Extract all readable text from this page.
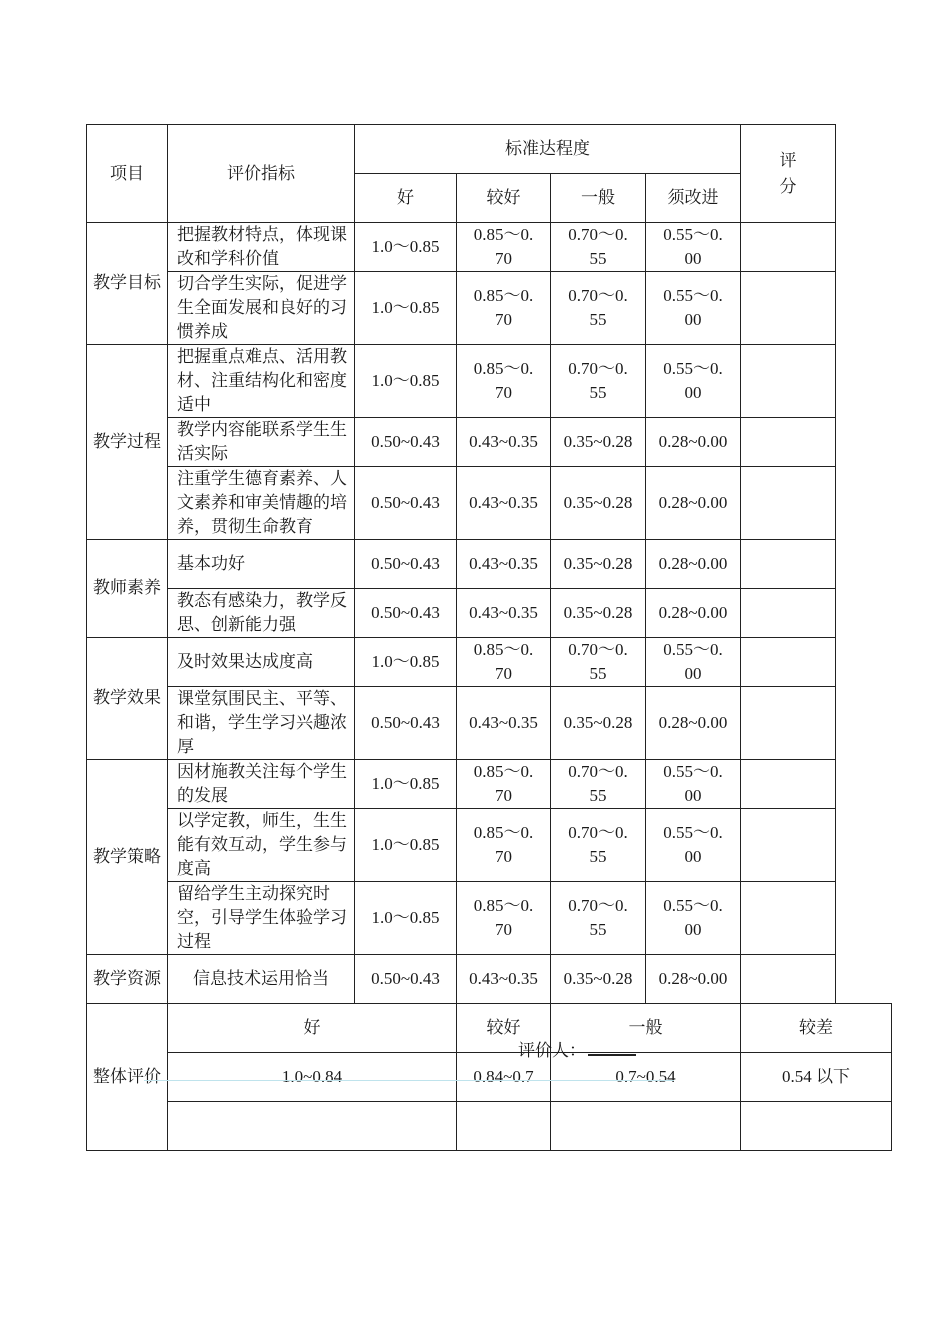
项目	评价指标	标准达程度				评分

		好	较好	一般	须改进	

教学目标	把握教材特点，体现课改和学科价值	1.0～0.85	0.85～0.70	0.70～0.55	0.55～0.00	

	切合学生实际，促进学生全面发展和良好的习惯养成	1.0～0.85	0.85～0.70	0.70～0.55	0.55～0.00	

教学过程	把握重点难点、活用教材、注重结构化和密度适中	1.0～0.85	0.85～0.70	0.70～0.55	0.55～0.00	

	教学内容能联系学生生活实际	0.50~0.43	0.43~0.35	0.35~0.28	0.28~0.00	

	注重学生德育素养、人文素养和审美情趣的培养，贯彻生命教育	0.50~0.43	0.43~0.35	0.35~0.28	0.28~0.00	

教师素养	基本功好	0.50~0.43	0.43~0.35	0.35~0.28	0.28~0.00	

	教态有感染力，教学反思、创新能力强	0.50~0.43	0.43~0.35	0.35~0.28	0.28~0.00	

教学效果	及时效果达成度高	1.0～0.85	0.85～0.70	0.70～0.55	0.55～0.00	

	课堂氛围民主、平等、和谐，学生学习兴趣浓厚	0.50~0.43	0.43~0.35	0.35~0.28	0.28~0.00	

教学策略	因材施教关注每个学生的发展	1.0～0.85	0.85～0.70	0.70～0.55	0.55～0.00	

	以学定教，师生，生生能有效互动，学生参与度高	1.0～0.85	0.85～0.70	0.70～0.55	0.55～0.00	

	留给学生主动探究时空，引导学生体验学习过程	1.0～0.85	0.85～0.70	0.70～0.55	0.55～0.00	

教学资源	信息技术运用恰当	0.50~0.43	0.43~0.35	0.35~0.28	0.28~0.00	

整体评价	好		较好	一般		较差
	1.0~0.84		0.84~0.7	0.7~0.54		0.54 以下

评价人：
